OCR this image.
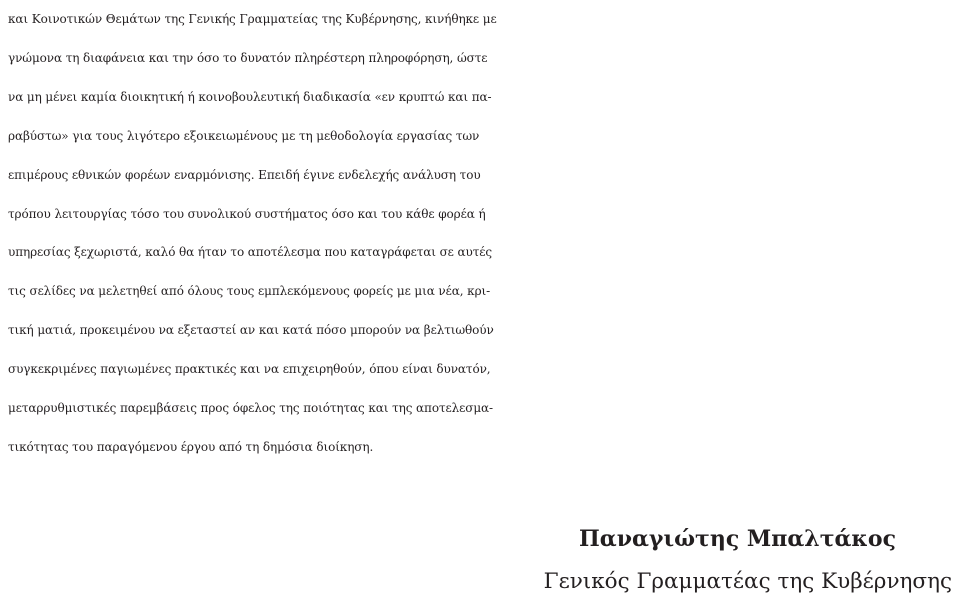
και Κοινοτικών Θεμάτων της Γενικής Γραμματείας της Κυβέρνησης, κινήθηκε με
γνώμονα τη διαφάνεια και την όσο το δυνατόν πληρέστερη πληροφόρηση, ώστε
να μη μένει καμία διοικητική ή κοινοβουλευτική διαδικασία «εν κρυπτώ και πα-
ραβύστω» για τους λιγότερο εξοικειωμένους με τη μεθοδολογία εργασίας των
επιμέρους εθνικών φορέων εναρμόνισης. Επειδή έγινε ενδελεχής ανάλυση του
τρόπου λειτουργίας τόσο του συνολικού συστήματος όσο και του κάθε φορέα ή
υπηρεσίας ξεχωριστά, καλό θα ήταν το αποτέλεσμα που καταγράφεται σε αυτές
τις σελίδες να μελετηθεί από όλους τους εμπλεκόμενους φορείς με μια νέα, κρι-
τική ματιά, προκειμένου να εξεταστεί αν και κατά πόσο μπορούν να βελτιωθούν
συγκεκριμένες παγιωμένες πρακτικές και να επιχειρηθούν, όπου είναι δυνατόν,
μεταρρυθμιστικές παρεμβάσεις προς όφελος της ποιότητας και της αποτελεσμα-
τικότητας του παραγόμενου έργου από τη δημόσια διοίκηση.
Παναγιώτης Μπαλτάκος
Γενικός Γραμματέας της Κυβέρνησης
